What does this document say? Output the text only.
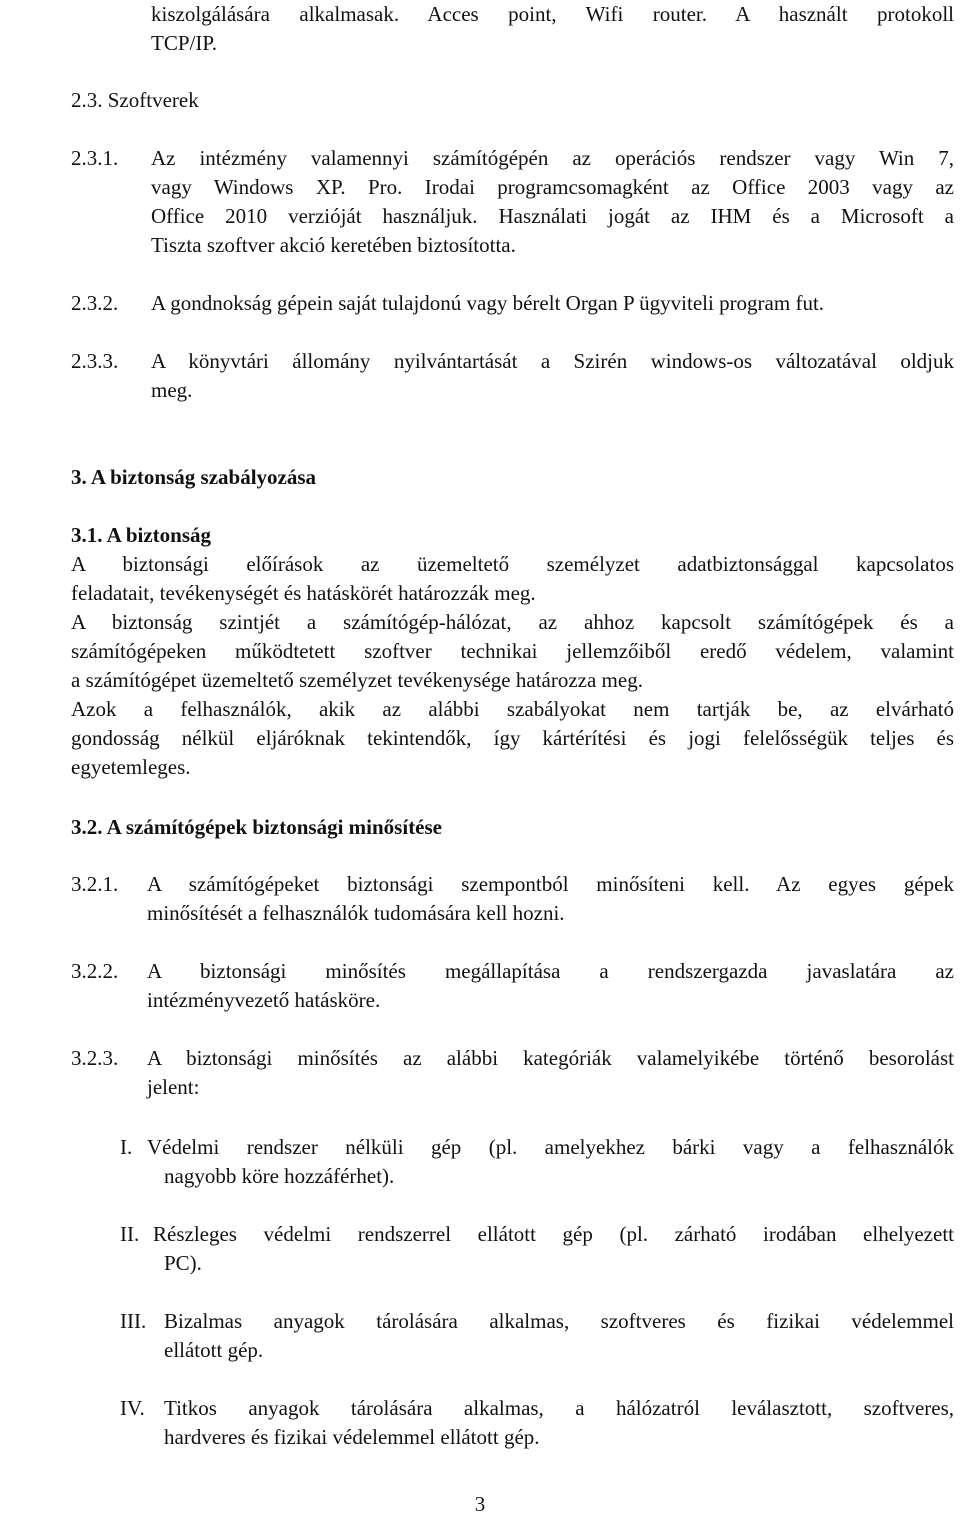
kiszolgálására alkalmasak. Acces point, Wifi router. A használt protokoll
TCP/IP.
2.3. Szoftverek
2.3.1. Az intézmény valamennyi számítógépén az operációs rendszer vagy Win 7,
vagy Windows XP. Pro. Irodai programcsomagként az Office 2003 vagy az
Office 2010 verzióját használjuk. Használati jogát az IHM és a Microsoft a
Tiszta szoftver akció keretében biztosította.
2.3.2. A gondnokság gépein saját tulajdonú vagy bérelt Organ P ügyviteli program fut.
2.3.3. A könyvtári állomány nyilvántartását a Szirén windows-os változatával oldjuk
meg.
3. A biztonság szabályozása
3.1. A biztonság
A biztonsági előírások az üzemeltető személyzet adatbiztonsággal kapcsolatos
feladatait, tevékenységét és hatáskörét határozzák meg.
A biztonság szintjét a számítógép-hálózat, az ahhoz kapcsolt számítógépek és a
számítógépeken működtetett szoftver technikai jellemzőiből eredő védelem, valamint
a számítógépet üzemeltető személyzet tevékenysége határozza meg.
Azok a felhasználók, akik az alábbi szabályokat nem tartják be, az elvárható
gondosság nélkül eljáróknak tekintendők, így kártérítési és jogi felelősségük teljes és
egyetemleges.
3.2. A számítógépek biztonsági minősítése
3.2.1. A számítógépeket biztonsági szempontból minősíteni kell. Az egyes gépek
minősítését a felhasználók tudomására kell hozni.
3.2.2. A biztonsági minősítés megállapítása a rendszergazda javaslatára az
intézményvezető hatásköre.
3.2.3. A biztonsági minősítés az alábbi kategóriák valamelyikébe történő besorolást
jelent:
I. Védelmi rendszer nélküli gép (pl. amelyekhez bárki vagy a felhasználók
nagyobb köre hozzáférhet).
II. Részleges védelmi rendszerrel ellátott gép (pl. zárható irodában elhelyezett
PC).
III. Bizalmas anyagok tárolására alkalmas, szoftveres és fizikai védelemmel
ellátott gép.
IV. Titkos anyagok tárolására alkalmas, a hálózatról leválasztott, szoftveres,
hardveres és fizikai védelemmel ellátott gép.
3
